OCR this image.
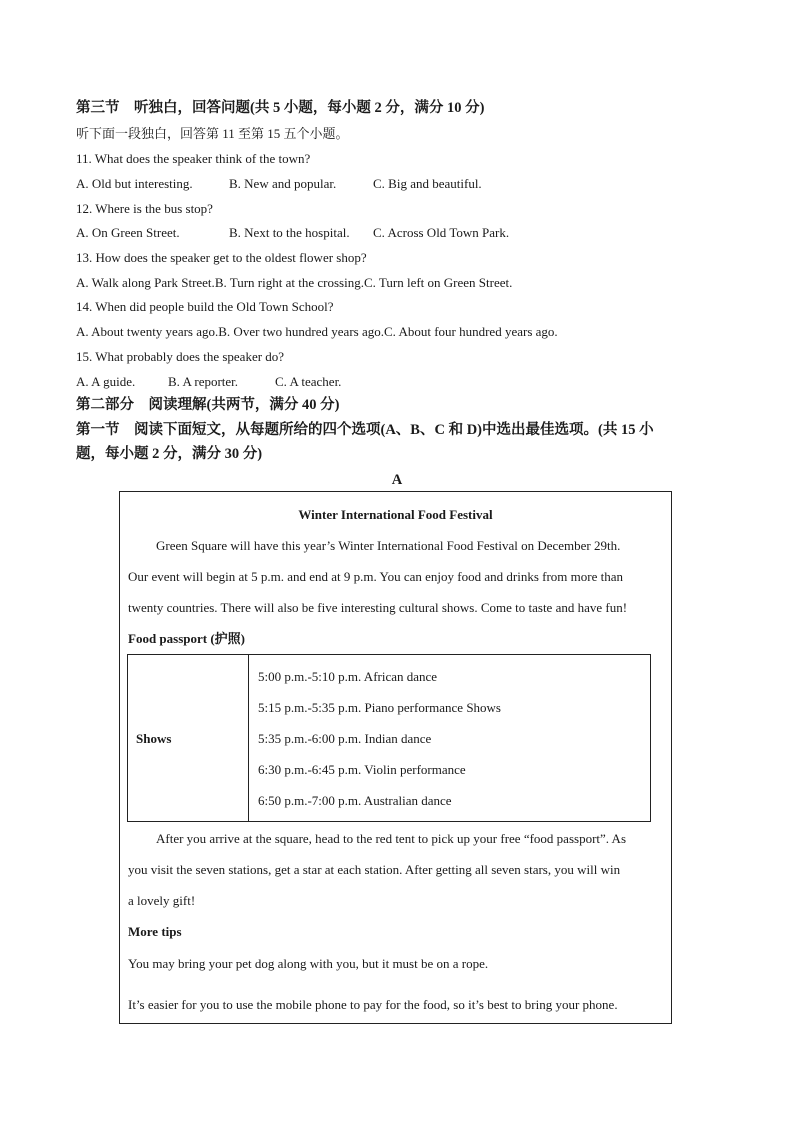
第三节　听独白，回答问题(共 5 小题，每小题 2 分，满分 10 分)
听下面一段独白，回答第 11 至第 15 五个小题。
11. What does the speaker think of the town?
A. Old but interesting.	B. New and popular.	C. Big and beautiful.
12. Where is the bus stop?
A. On Green Street.	B. Next to the hospital. C. Across Old Town Park.
13. How does the speaker get to the oldest flower shop?
A. Walk along Park Street.B. Turn right at the crossing.C. Turn left on Green Street.
14. When did people build the Old Town School?
A. About twenty years ago.B. Over two hundred years ago.C. About four hundred years ago.
15. What probably does the speaker do?
A. A guide.	B. A reporter.	C. A teacher.
第二部分　阅读理解(共两节，满分 40 分)
第一节　阅读下面短文，从每题所给的四个选项(A、B、C 和 D)中选出最佳选项。(共 15 小
题，每小题 2 分，满分 30 分)
A
Winter International Food Festival
Green Square will have this year’s Winter International Food Festival on December 29th.
Our event will begin at 5 p.m. and end at 9 p.m. You can enjoy food and drinks from more than
twenty countries. There will also be five interesting cultural shows. Come to taste and have fun!
Food passport (护照)
Shows
5:00 p.m.-5:10 p.m. African dance
5:15 p.m.-5:35 p.m. Piano performance Shows
5:35 p.m.-6:00 p.m. Indian dance
6:30 p.m.-6:45 p.m. Violin performance
6:50 p.m.-7:00 p.m. Australian dance
After you arrive at the square, head to the red tent to pick up your free “food passport”. As
you visit the seven stations, get a star at each station. After getting all seven stars, you will win
a lovely gift!
More tips
You may bring your pet dog along with you, but it must be on a rope.
It’s easier for you to use the mobile phone to pay for the food, so it’s best to bring your phone.
